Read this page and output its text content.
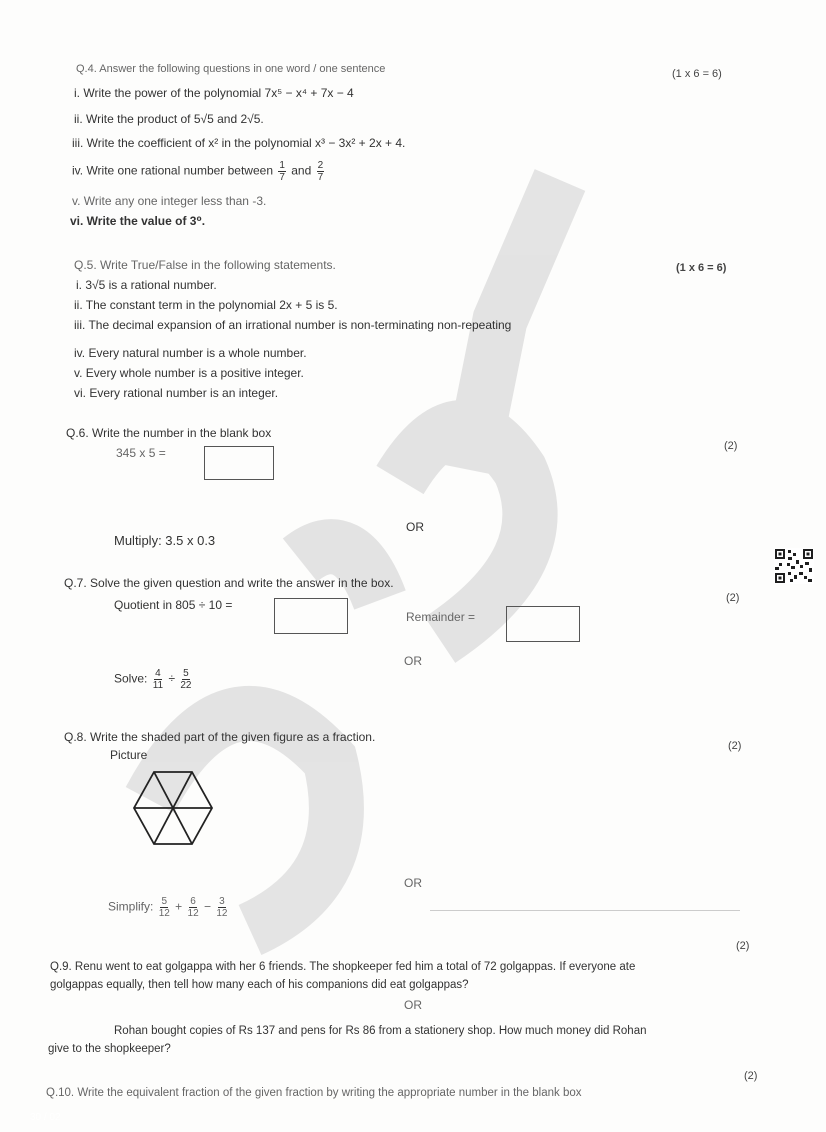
30 / 02
Q.4. Answer the following questions in one word / one sentence	(1 x 6 = 6)
i. Write the power of the polynomial 7x⁵ − x⁴ + 7x − 4
ii. Write the product of 5√5 and 2√5.
iii. Write the coefficient of x² in the polynomial x³ − 3x² + 2x + 4.
iv. Write one rational number between $\frac{1}{7}$ and $\frac{2}{7}$
v. Write any one integer less than -3.
vi. Write the value of 3⁰.
Q.5. Write True/False in the following statements.	(1 x 6 = 6)
i. 3√5 is a rational number.
ii. The constant term in the polynomial 2x + 5 is 5.
iii. The decimal expansion of an irrational number is non-terminating non-repeating
iv. Every natural number is a whole number.
v. Every whole number is a positive integer.
vi. Every rational number is an integer.
Q.6. Write the number in the blank box
(2)
345 x 5 =
OR
Multiply: 3.5 x 0.3
Q.7. Solve the given question and write the answer in the box.
(2)
Quotient in 805 ÷ 10 =
Remainder =
OR
Solve: $\frac{4}{11} \div \frac{5}{22}$
Q.8. Write the shaded part of the given figure as a fraction.
(2)
Picture
OR
Simplify: $\frac{5}{12} + \frac{6}{12} - \frac{3}{12}$
(2)
Q.9. Renu went to eat golgappa with her 6 friends. The shopkeeper fed him a total of 72 golgappas. If everyone ate
golgappas equally, then tell how many each of his companions did eat golgappas?
OR
Rohan bought copies of Rs 137 and pens for Rs 86 from a stationery shop. How much money did Rohan
give to the shopkeeper?
(2)
Q.10. Write the equivalent fraction of the given fraction by writing the appropriate number in the blank box
